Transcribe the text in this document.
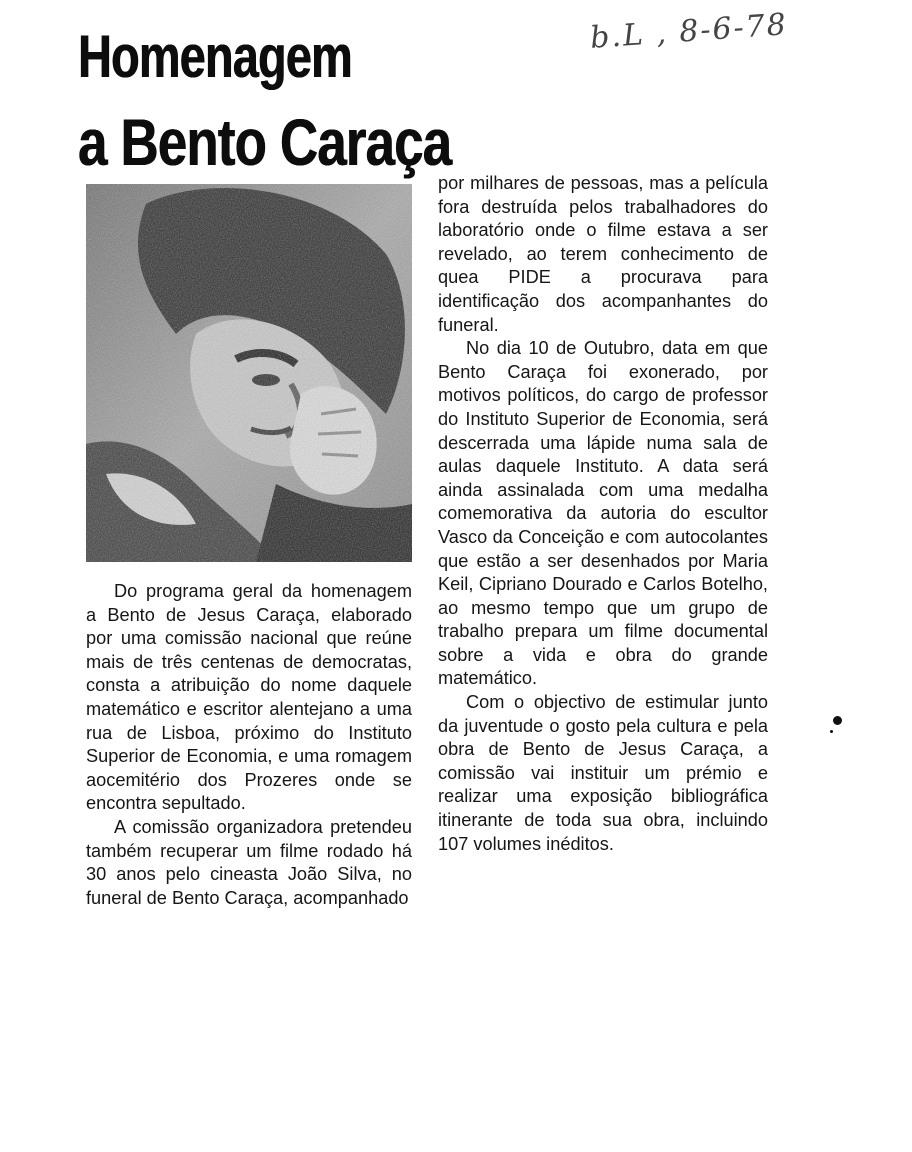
Homenagem
a Bento Caraça
b.L , 8-6-78

Do programa geral da homenagem a Bento de Jesus Caraça, elaborado por uma comissão nacional que reúne mais de três centenas de democratas, consta a atribuição do nome daquele matemático e escritor alentejano a uma rua de Lisboa, próximo do Instituto Superior de Economia, e uma romagem aocemitério dos Prozeres onde se encontra sepultado.

A comissão organizadora pretendeu também recuperar um filme rodado há 30 anos pelo cineasta João Silva, no funeral de Bento Caraça, acompanhado

por milhares de pessoas, mas a película fora destruída pelos trabalhadores do laboratório onde o filme estava a ser revelado, ao terem conhecimento de quea PIDE a procurava para identificação dos acompanhantes do funeral.

No dia 10 de Outubro, data em que Bento Caraça foi exonerado, por motivos políticos, do cargo de professor do Instituto Superior de Economia, será descerrada uma lápide numa sala de aulas daquele Instituto. A data será ainda assinalada com uma medalha comemorativa da autoria do escultor Vasco da Conceição e com autocolantes que estão a ser desenhados por Maria Keil, Cipriano Dourado e Carlos Botelho, ao mesmo tempo que um grupo de trabalho prepara um filme documental sobre a vida e obra do grande matemático.

Com o objectivo de estimular junto da juventude o gosto pela cultura e pela obra de Bento de Jesus Caraça, a comissão vai instituir um prémio e realizar uma exposição bibliográfica itinerante de toda sua obra, incluindo 107 volumes inéditos.
